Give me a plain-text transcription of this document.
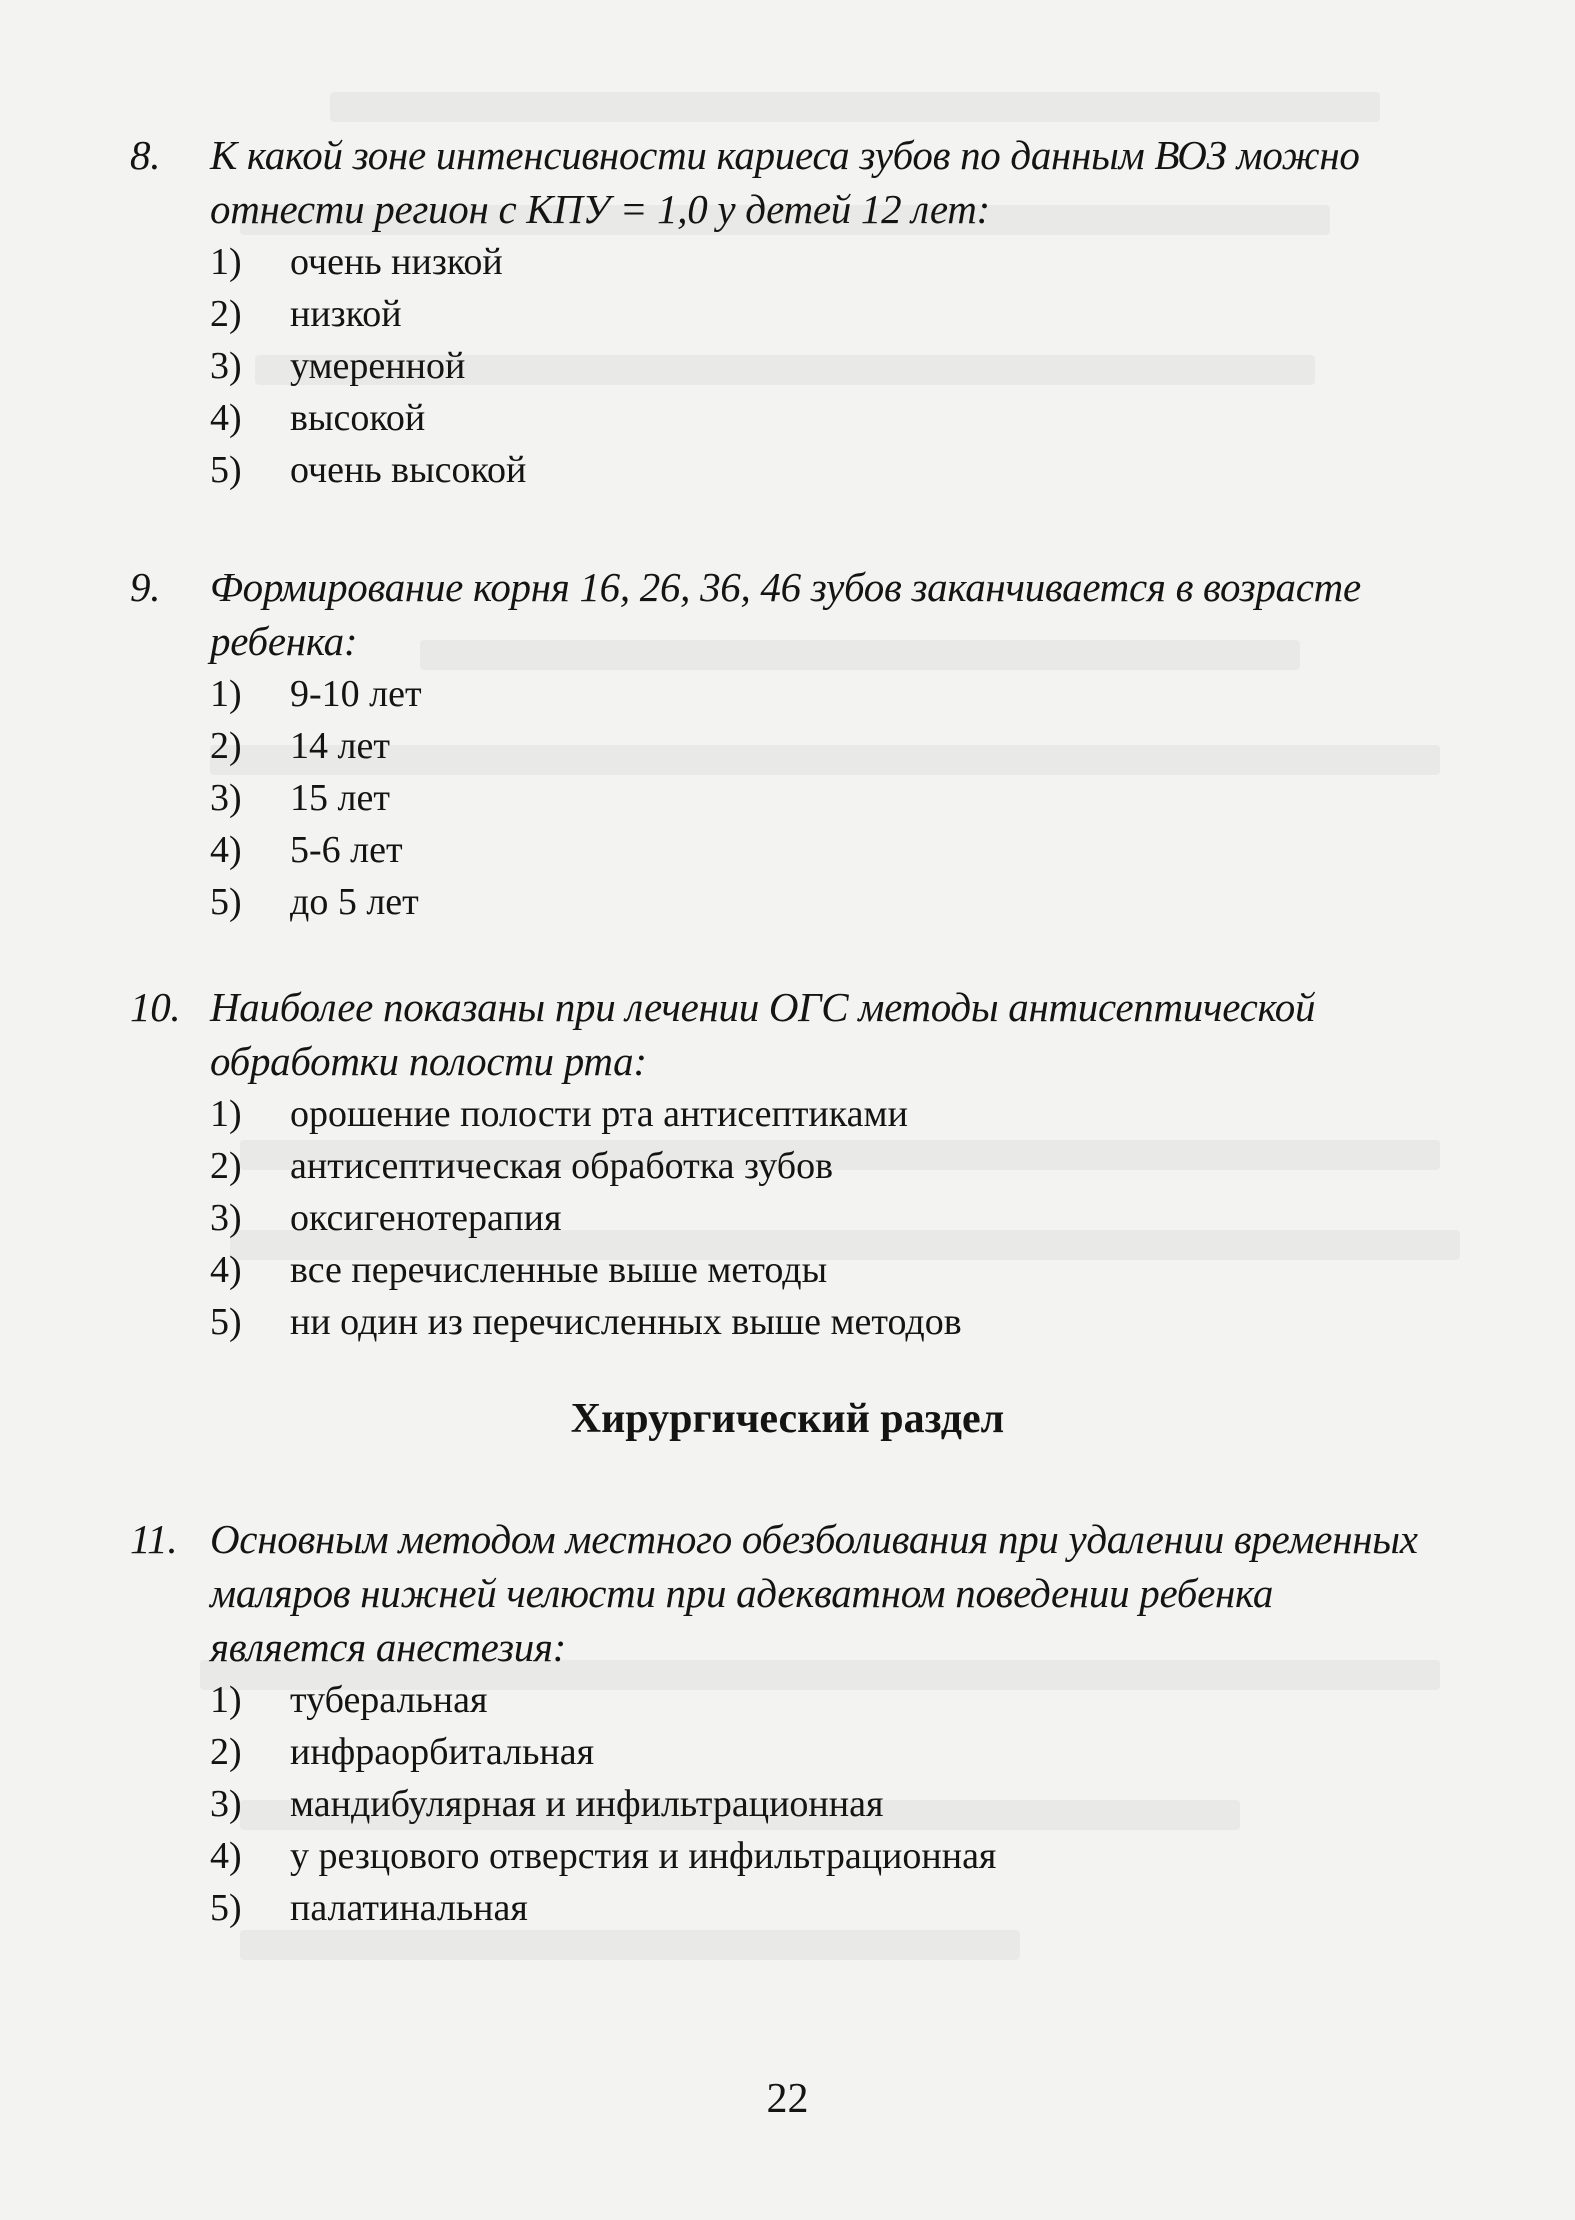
8. К какой зоне интенсивности кариеса зубов по данным ВОЗ можно отнести регион с КПУ = 1,0 у детей 12 лет:
1) очень низкой
2) низкой
3) умеренной
4) высокой
5) очень высокой
9. Формирование корня 16, 26, 36, 46 зубов заканчивается в возрасте ребенка:
1) 9-10 лет
2) 14 лет
3) 15 лет
4) 5-6 лет
5) до 5 лет
10. Наиболее показаны при лечении ОГС методы антисептической обработки полости рта:
1) орошение полости рта антисептиками
2) антисептическая обработка зубов
3) оксигенотерапия
4) все перечисленные выше методы
5) ни один из перечисленных выше методов
Хирургический раздел
11. Основным методом местного обезболивания при удалении временных маляров нижней челюсти при адекватном поведении ребенка является анестезия:
1) туберальная
2) инфраорбитальная
3) мандибулярная и инфильтрационная
4) у резцового отверстия и инфильтрационная
5) палатинальная
22
